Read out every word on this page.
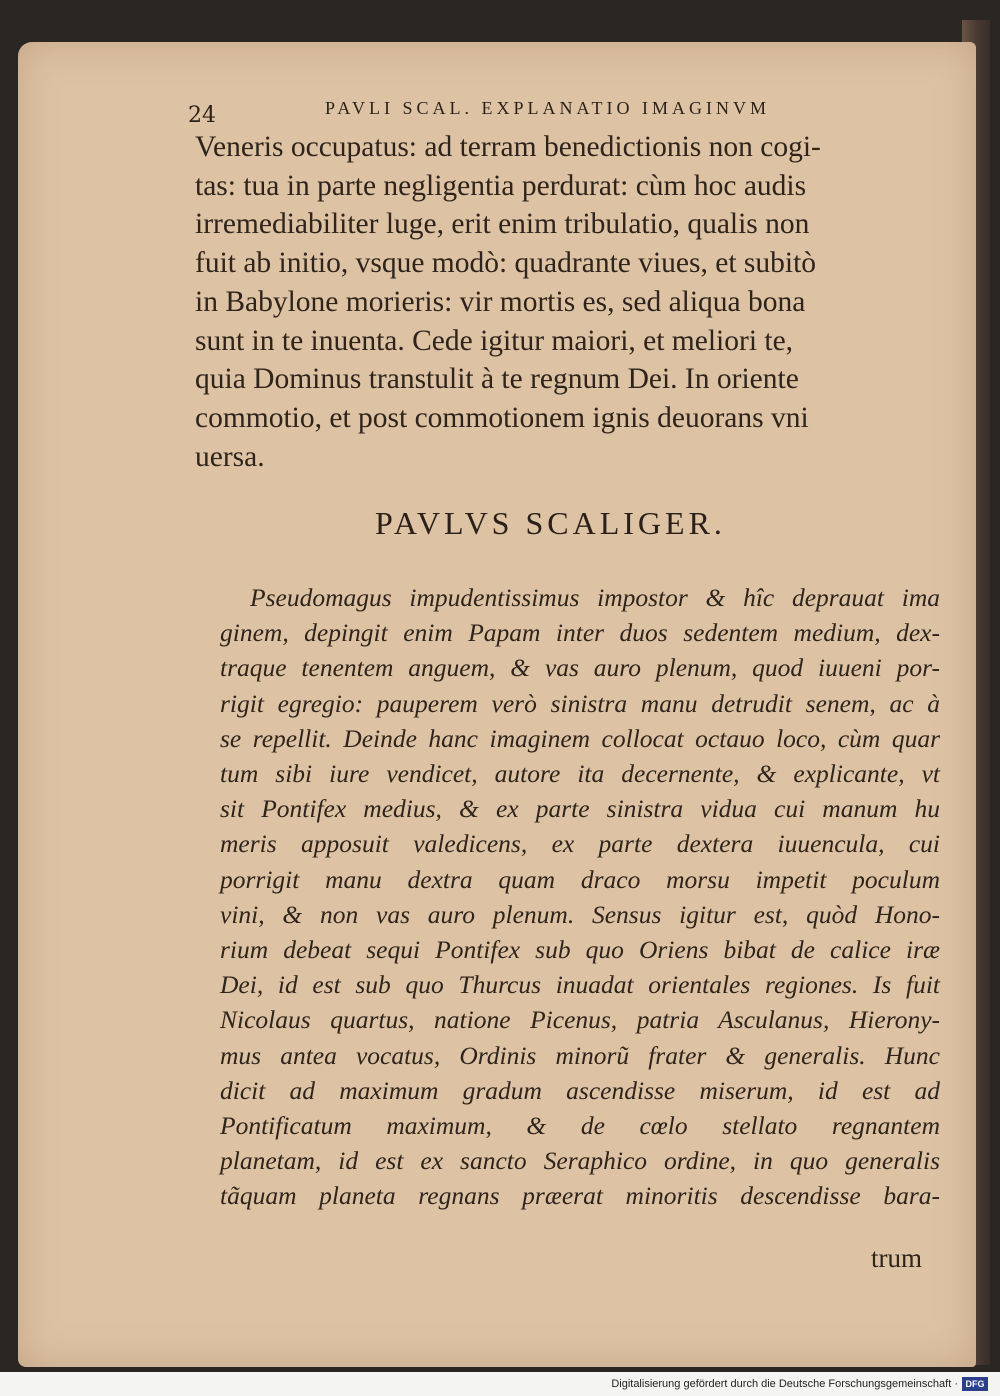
24	PAVLI SCAL. EXPLANATIO IMAGINVM
Veneris occupatus: ad terram benedictionis non cogi-
tas: tua in parte negligentia perdurat: cùm hoc audis
irremediabiliter luge, erit enim tribulatio, qualis non
fuit ab initio, vsque modò: quadrante viues, et subitò
in Babylone morieris: vir mortis es, sed aliqua bona
sunt in te inuenta. Cede igitur maiori, et meliori te,
quia Dominus transtulit à te regnum Dei. In oriente
commotio, et post commotionem ignis deuorans vni
uersa.
PAVLVS SCALIGER.
Pseudomagus impudentissimus impostor & hîc deprauat ima
ginem, depingit enim Papam inter duos sedentem medium, dex-
traque tenentem anguem, & vas auro plenum, quod iuueni por-
rigit egregio: pauperem verò sinistra manu detrudit senem, ac à
se repellit. Deinde hanc imaginem collocat octauo loco, cùm quar
tum sibi iure vendicet, autore ita decernente, & explicante, vt
sit Pontifex medius, & ex parte sinistra vidua cui manum hu
meris apposuit valedicens, ex parte dextera iuuencula, cui
porrigit manu dextra quam draco morsu impetit poculum
vini, & non vas auro plenum. Sensus igitur est, quòd Hono-
rium debeat sequi Pontifex sub quo Oriens bibat de calice iræ
Dei, id est sub quo Thurcus inuadat orientales regiones. Is fuit
Nicolaus quartus, natione Picenus, patria Asculanus, Hierony-
mus antea vocatus, Ordinis minorũ frater & generalis. Hunc
dicit ad maximum gradum ascendisse miserum, id est ad
Pontificatum maximum, & de cœlo stellato regnantem
planetam, id est ex sancto Seraphico ordine, in quo generalis
tãquam planeta regnans præerat minoritis descendisse bara-
trum
Digitalisierung gefördert durch die Deutsche Forschungsgemeinschaft · DFG
